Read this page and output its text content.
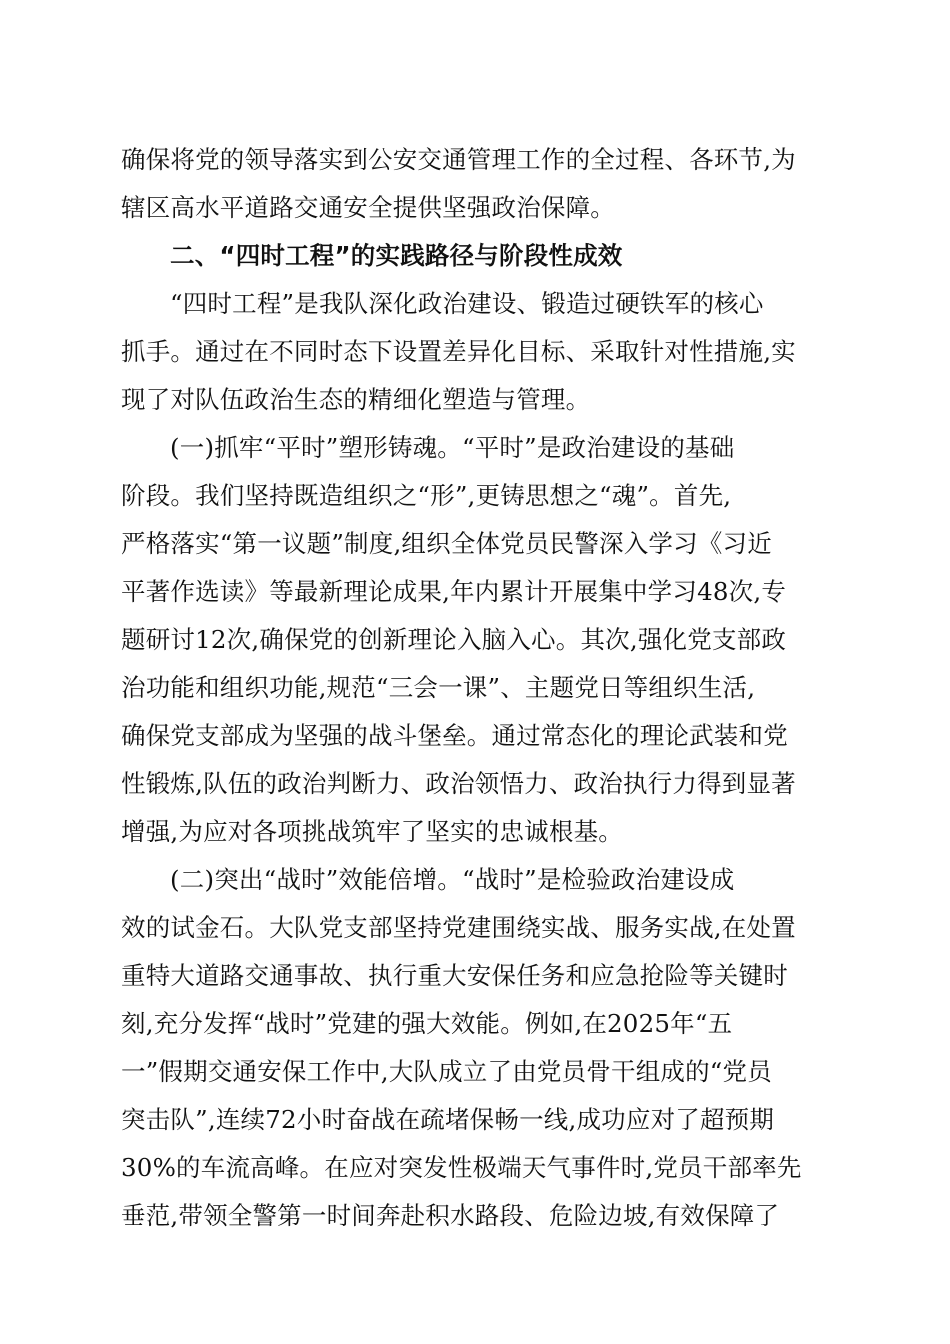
确保将党的领导落实到公安交通管理工作的全过程、各环节,为
辖区高水平道路交通安全提供坚强政治保障。
二、“四时工程”的实践路径与阶段性成效
“四时工程”是我队深化政治建设、锻造过硬铁军的核心
抓手。通过在不同时态下设置差异化目标、采取针对性措施,实
现了对队伍政治生态的精细化塑造与管理。
(一)抓牢“平时”塑形铸魂。“平时”是政治建设的基础
阶段。我们坚持既造组织之“形”,更铸思想之“魂”。首先,
严格落实“第一议题”制度,组织全体党员民警深入学习《习近
平著作选读》等最新理论成果,年内累计开展集中学习48次,专
题研讨12次,确保党的创新理论入脑入心。其次,强化党支部政
治功能和组织功能,规范“三会一课”、主题党日等组织生活,
确保党支部成为坚强的战斗堡垒。通过常态化的理论武装和党
性锻炼,队伍的政治判断力、政治领悟力、政治执行力得到显著
增强,为应对各项挑战筑牢了坚实的忠诚根基。
(二)突出“战时”效能倍增。“战时”是检验政治建设成
效的试金石。大队党支部坚持党建围绕实战、服务实战,在处置
重特大道路交通事故、执行重大安保任务和应急抢险等关键时
刻,充分发挥“战时”党建的强大效能。例如,在2025年“五
一”假期交通安保工作中,大队成立了由党员骨干组成的“党员
突击队”,连续72小时奋战在疏堵保畅一线,成功应对了超预期
30%的车流高峰。在应对突发性极端天气事件时,党员干部率先
垂范,带领全警第一时间奔赴积水路段、危险边坡,有效保障了
